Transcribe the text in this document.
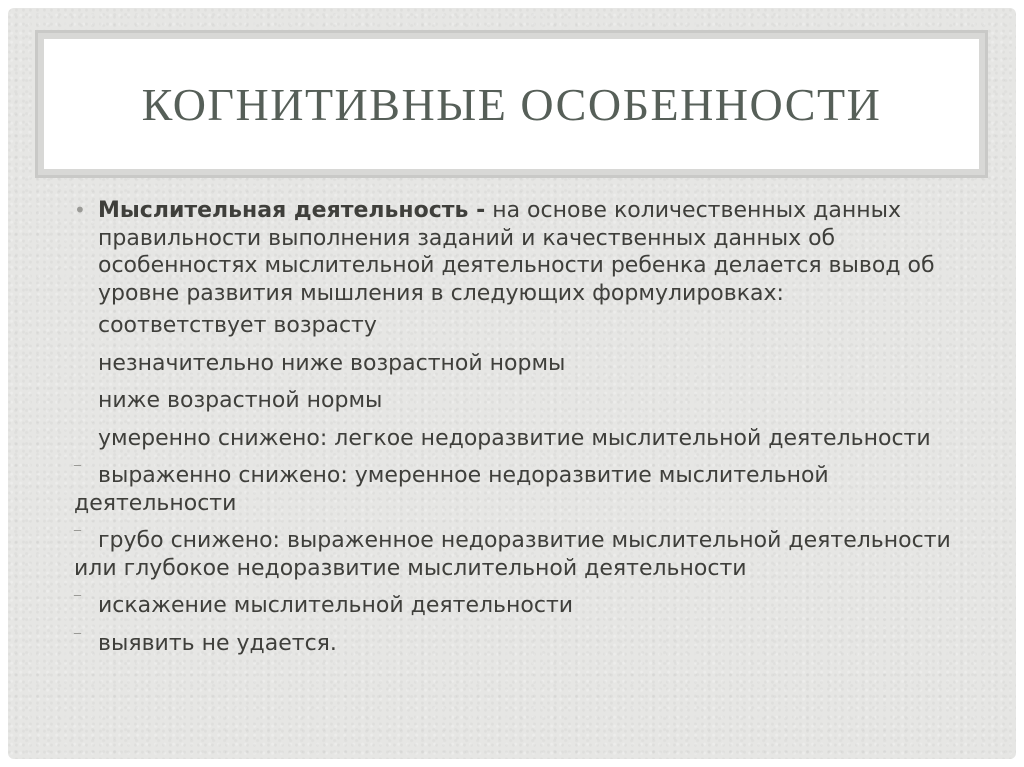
КОГНИТИВНЫЕ ОСОБЕННОСТИ

• Мыслительная деятельность - на основе количественных данных правильности выполнения заданий и качественных данных об особенностях мыслительной деятельности ребенка делается вывод об уровне развития мышления в следующих формулировках:

соответствует возрасту
незначительно ниже возрастной нормы
ниже возрастной нормы
умеренно снижено: легкое недоразвитие мыслительной деятельности
‾ выраженно снижено: умеренное недоразвитие мыслительной деятельности
‾ грубо снижено: выраженное недоразвитие мыслительной деятельности или глубокое недоразвитие мыслительной деятельности
‾ искажение мыслительной деятельности
‾ выявить не удается.
